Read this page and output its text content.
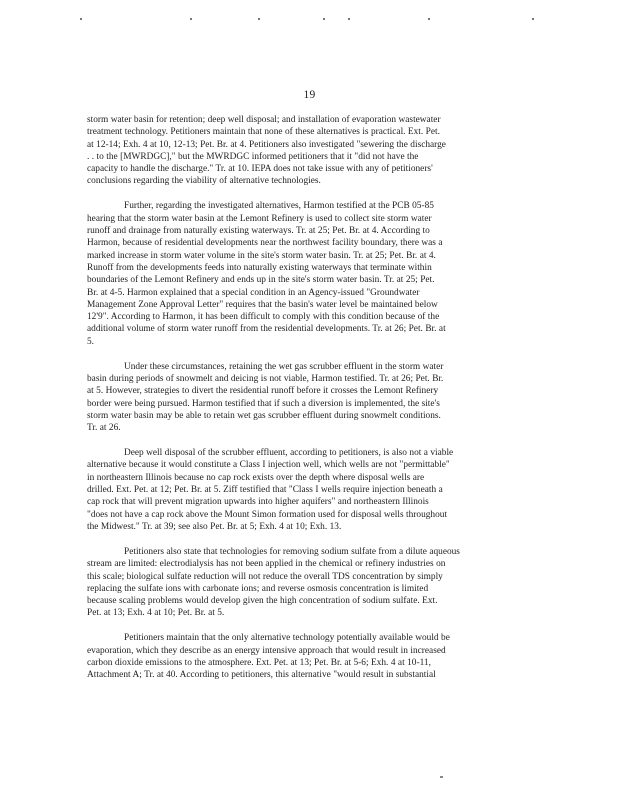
19

storm water basin for retention; deep well disposal; and installation of evaporation wastewater
treatment technology. Petitioners maintain that none of these alternatives is practical. Ext. Pet.
at 12-14; Exh. 4 at 10, 12-13; Pet. Br. at 4. Petitioners also investigated "sewering the discharge
. . to the [MWRDGC]," but the MWRDGC informed petitioners that it "did not have the
capacity to handle the discharge." Tr. at 10. IEPA does not take issue with any of petitioners'
conclusions regarding the viability of alternative technologies.

Further, regarding the investigated alternatives, Harmon testified at the PCB 05-85
hearing that the storm water basin at the Lemont Refinery is used to collect site storm water
runoff and drainage from naturally existing waterways. Tr. at 25; Pet. Br. at 4. According to
Harmon, because of residential developments near the northwest facility boundary, there was a
marked increase in storm water volume in the site's storm water basin. Tr. at 25; Pet. Br. at 4.
Runoff from the developments feeds into naturally existing waterways that terminate within
boundaries of the Lemont Refinery and ends up in the site's storm water basin. Tr. at 25; Pet.
Br. at 4-5. Harmon explained that a special condition in an Agency-issued "Groundwater
Management Zone Approval Letter" requires that the basin's water level be maintained below
12'9". According to Harmon, it has been difficult to comply with this condition because of the
additional volume of storm water runoff from the residential developments. Tr. at 26; Pet. Br. at
5.

Under these circumstances, retaining the wet gas scrubber effluent in the storm water
basin during periods of snowmelt and deicing is not viable, Harmon testified. Tr. at 26; Pet. Br.
at 5. However, strategies to divert the residential runoff before it crosses the Lemont Refinery
border were being pursued. Harmon testified that if such a diversion is implemented, the site's
storm water basin may be able to retain wet gas scrubber effluent during snowmelt conditions.
Tr. at 26.

Deep well disposal of the scrubber effluent, according to petitioners, is also not a viable
alternative because it would constitute a Class I injection well, which wells are not "permittable"
in northeastern Illinois because no cap rock exists over the depth where disposal wells are
drilled. Ext. Pet. at 12; Pet. Br. at 5. Ziff testified that "Class I wells require injection beneath a
cap rock that will prevent migration upwards into higher aquifers" and northeastern Illinois
"does not have a cap rock above the Mount Simon formation used for disposal wells throughout
the Midwest." Tr. at 39; see also Pet. Br. at 5; Exh. 4 at 10; Exh. 13.

Petitioners also state that technologies for removing sodium sulfate from a dilute aqueous
stream are limited: electrodialysis has not been applied in the chemical or refinery industries on
this scale; biological sulfate reduction will not reduce the overall TDS concentration by simply
replacing the sulfate ions with carbonate ions; and reverse osmosis concentration is limited
because scaling problems would develop given the high concentration of sodium sulfate. Ext.
Pet. at 13; Exh. 4 at 10; Pet. Br. at 5.

Petitioners maintain that the only alternative technology potentially available would be
evaporation, which they describe as an energy intensive approach that would result in increased
carbon dioxide emissions to the atmosphere. Ext. Pet. at 13; Pet. Br. at 5-6; Exh. 4 at 10-11,
Attachment A; Tr. at 40. According to petitioners, this alternative "would result in substantial
